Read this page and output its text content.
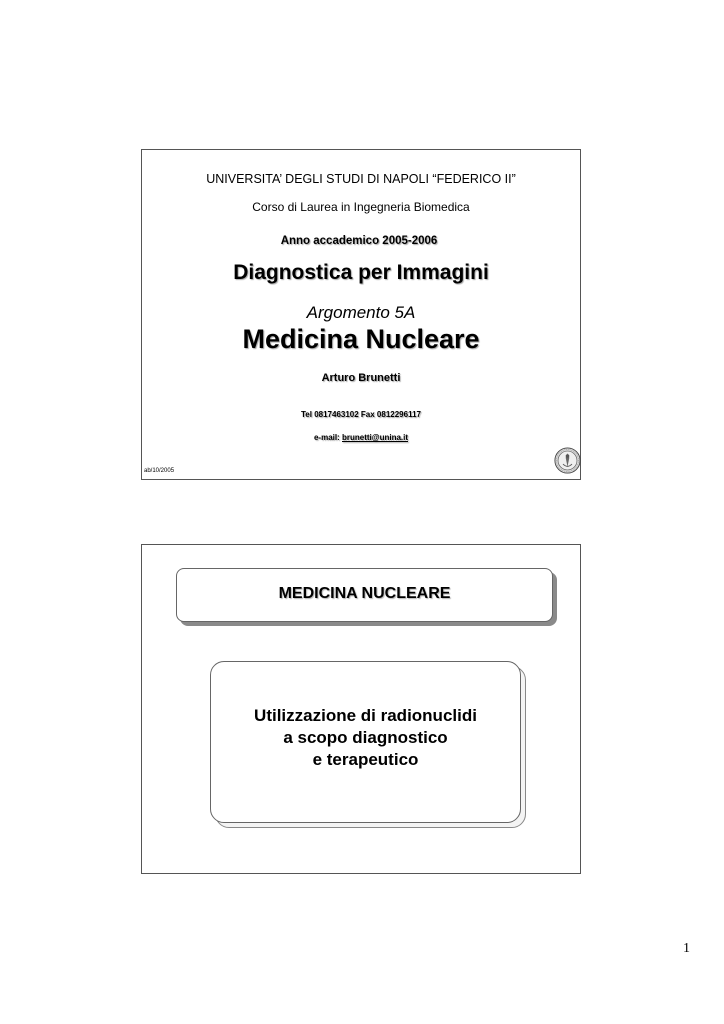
UNIVERSITA’ DEGLI STUDI DI NAPOLI “FEDERICO II”
Corso di Laurea in Ingegneria Biomedica
Anno accademico 2005-2006
Diagnostica per Immagini
Argomento 5A
Medicina Nucleare
Arturo Brunetti
Tel 0817463102 Fax 0812296117
e-mail: brunetti@unina.it
ab/10/2005
MEDICINA NUCLEARE
Utilizzazione di radionuclidi
a scopo diagnostico
e terapeutico
1
